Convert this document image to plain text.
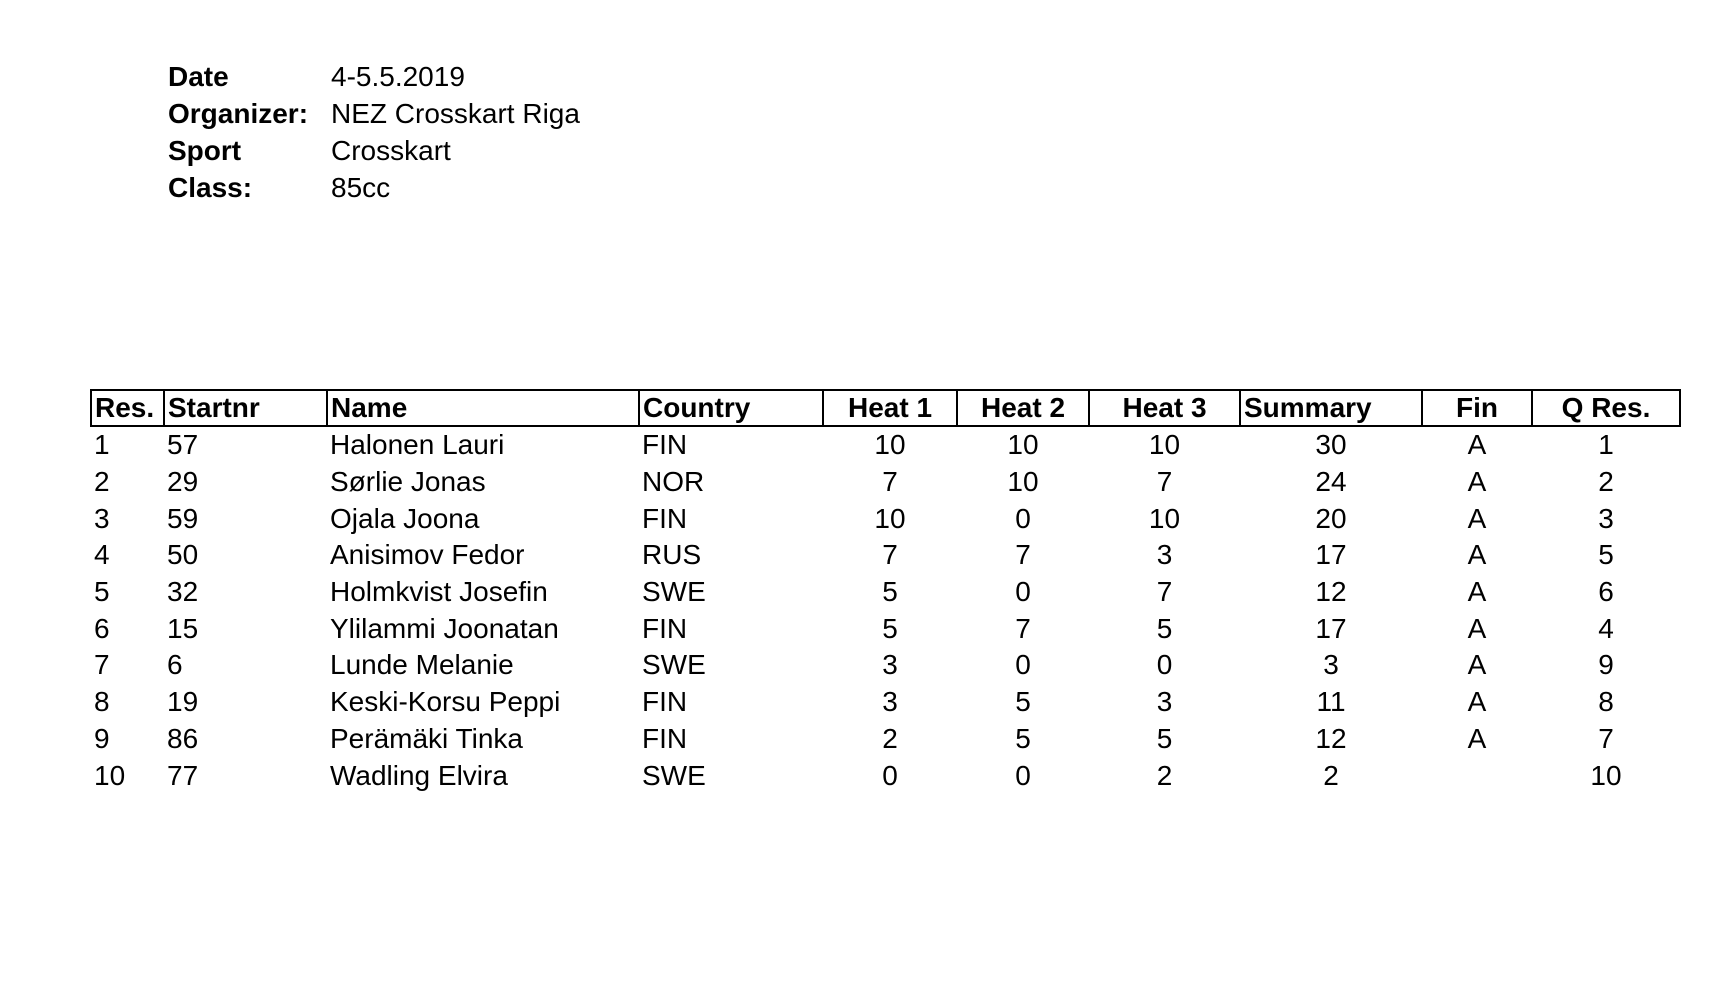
Date	4-5.5.2019
Organizer: NEZ Crosskart Riga
Sport	Crosskart
Class:	85cc
Res.	Startnr	Name	Country	Heat 1	Heat 2	Heat 3	Summary	Fin	Q Res.
1	57	Halonen Lauri	FIN	10	10	10	30	A	1
2	29	Sørlie Jonas	NOR	7	10	7	24	A	2
3	59	Ojala Joona	FIN	10	0	10	20	A	3
4	50	Anisimov Fedor	RUS	7	7	3	17	A	5
5	32	Holmkvist Josefin	SWE	5	0	7	12	A	6
6	15	Ylilammi Joonatan	FIN	5	7	5	17	A	4
7	6	Lunde Melanie	SWE	3	0	0	3	A	9
8	19	Keski-Korsu Peppi	FIN	3	5	3	11	A	8
9	86	Perämäki Tinka	FIN	2	5	5	12	A	7
10	77	Wadling Elvira	SWE	0	0	2	2		10
